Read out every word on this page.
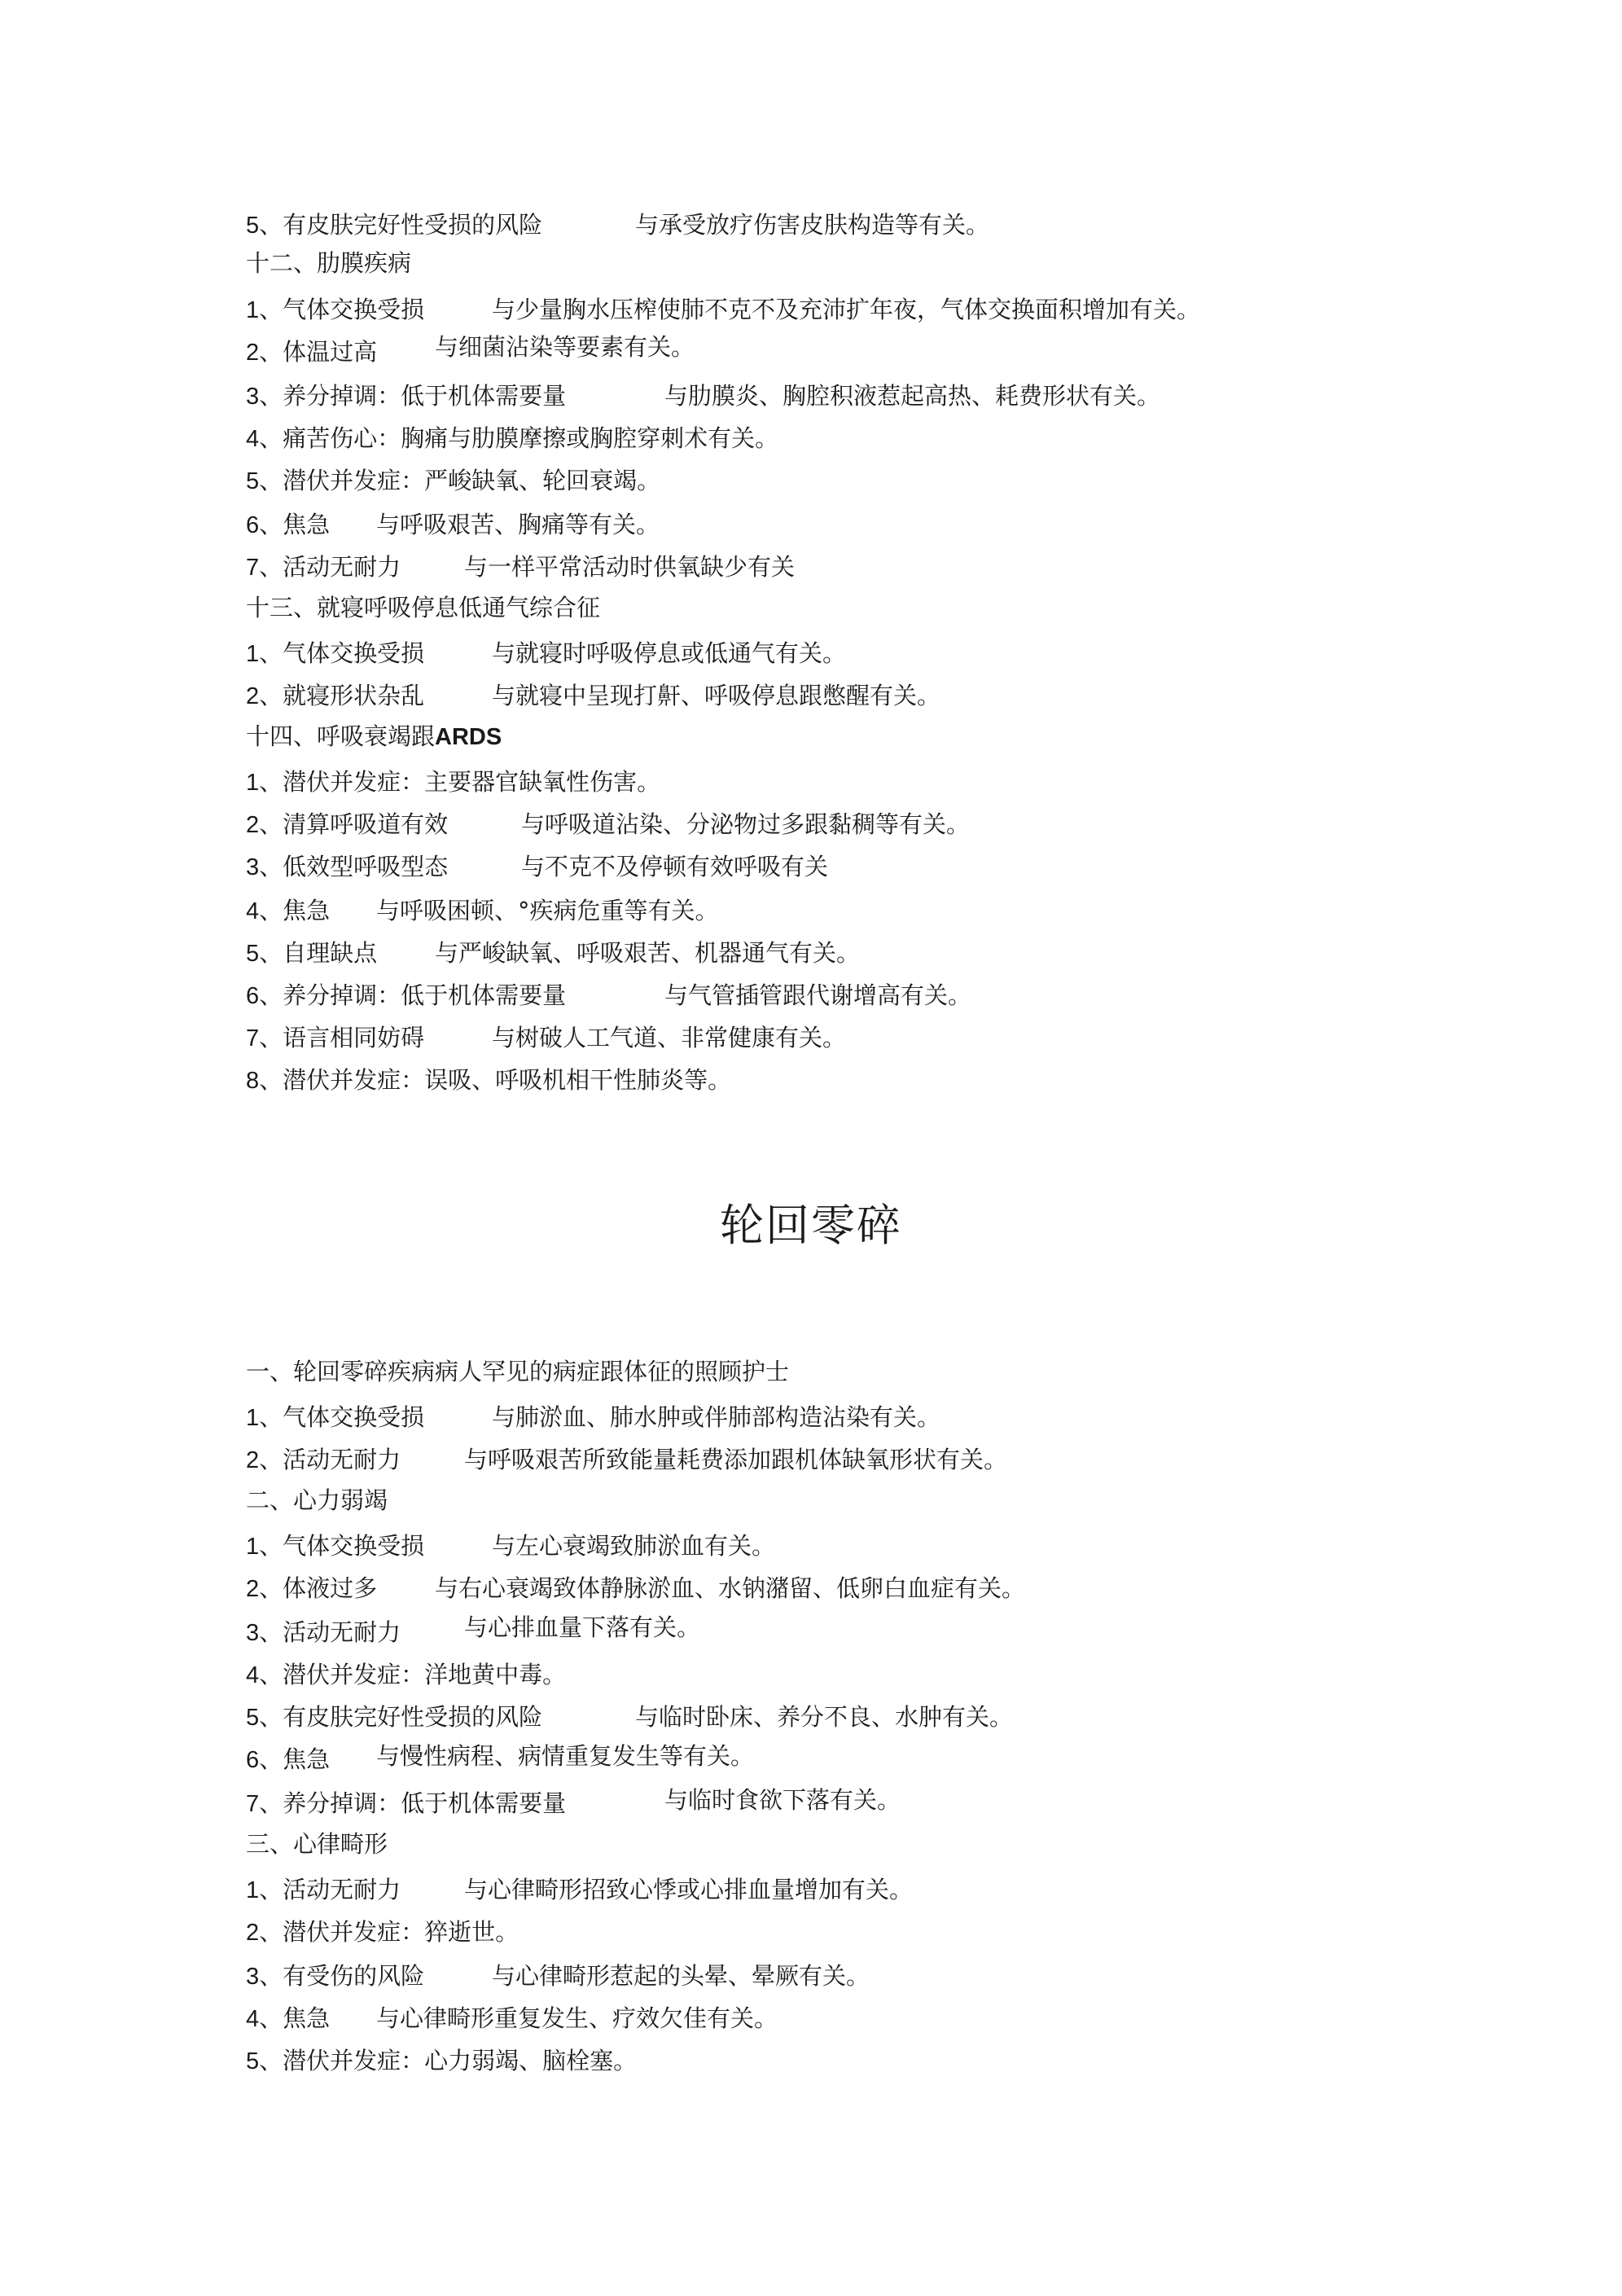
5、有皮肤完好性受损的风险	与承受放疗伤害皮肤构造等有关。
十二、肋膜疾病
1、气体交换受损	与少量胸水压榨使肺不克不及充沛扩年夜，气体交换面积增加有关。
2、体温过高 与细菌沾染等要素有关。
3、养分掉调：低于机体需要量	与肋膜炎、胸腔积液惹起高热、耗费形状有关。
4、痛苦伤心：胸痛与肋膜摩擦或胸腔穿刺术有关。
5、潜伏并发症：严峻缺氧、轮回衰竭。
6、焦急 与呼吸艰苦、胸痛等有关。
7、活动无耐力	与一样平常活动时供氧缺少有关
十三、就寝呼吸停息低通气综合征
1、气体交换受损	与就寝时呼吸停息或低通气有关。
2、就寝形状杂乱	与就寝中呈现打鼾、呼吸停息跟憋醒有关。
十四、呼吸衰竭跟ARDS
1、潜伏并发症：主要器官缺氧性伤害。
2、清算呼吸道有效	与呼吸道沾染、分泌物过多跟黏稠等有关。
3、低效型呼吸型态	与不克不及停顿有效呼吸有关
4、焦急 与呼吸困顿、°疾病危重等有关。
5、自理缺点 与严峻缺氧、呼吸艰苦、机器通气有关。
6、养分掉调：低于机体需要量	与气管插管跟代谢增高有关。
7、语言相同妨碍	与树破人工气道、非常健康有关。
8、潜伏并发症：误吸、呼吸机相干性肺炎等。
轮回零碎
一、轮回零碎疾病病人罕见的病症跟体征的照顾护士
1、气体交换受损	与肺淤血、肺水肿或伴肺部构造沾染有关。
2、活动无耐力	与呼吸艰苦所致能量耗费添加跟机体缺氧形状有关。
二、心力弱竭
1、气体交换受损	与左心衰竭致肺淤血有关。
2、体液过多 与右心衰竭致体静脉淤血、水钠潴留、低卵白血症有关。
3、活动无耐力	与心排血量下落有关。
4、潜伏并发症：洋地黄中毒。
5、有皮肤完好性受损的风险	与临时卧床、养分不良、水肿有关。
6、焦急 与慢性病程、病情重复发生等有关。
7、养分掉调：低于机体需要量	与临时食欲下落有关。
三、心律畸形
1、活动无耐力	与心律畸形招致心悸或心排血量增加有关。
2、潜伏并发症：猝逝世。
3、有受伤的风险	与心律畸形惹起的头晕、晕厥有关。
4、焦急 与心律畸形重复发生、疗效欠佳有关。
5、潜伏并发症：心力弱竭、脑栓塞。
